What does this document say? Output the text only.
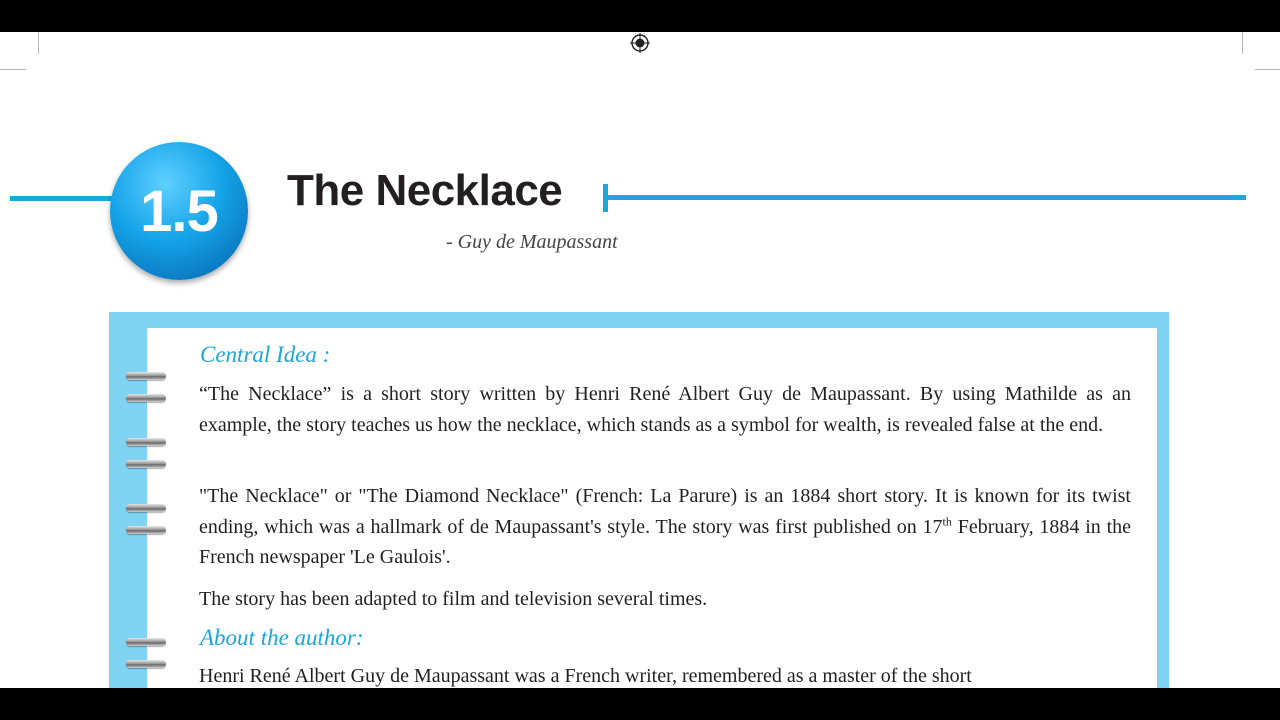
1.5 The Necklace
- Guy de Maupassant
Central Idea :

“The Necklace” is a short story written by Henri René Albert Guy de Maupassant. By using Mathilde as an example, the story teaches us how the necklace, which stands as a symbol for wealth, is revealed false at the end.

"The Necklace" or "The Diamond Necklace" (French: La Parure) is an 1884 short story. It is known for its twist ending, which was a hallmark of de Maupassant's style. The story was first published on 17th February, 1884 in the French newspaper 'Le Gaulois'.

The story has been adapted to film and television several times.

About the author:

Henri René Albert Guy de Maupassant was a French writer, remembered as a master of the short
